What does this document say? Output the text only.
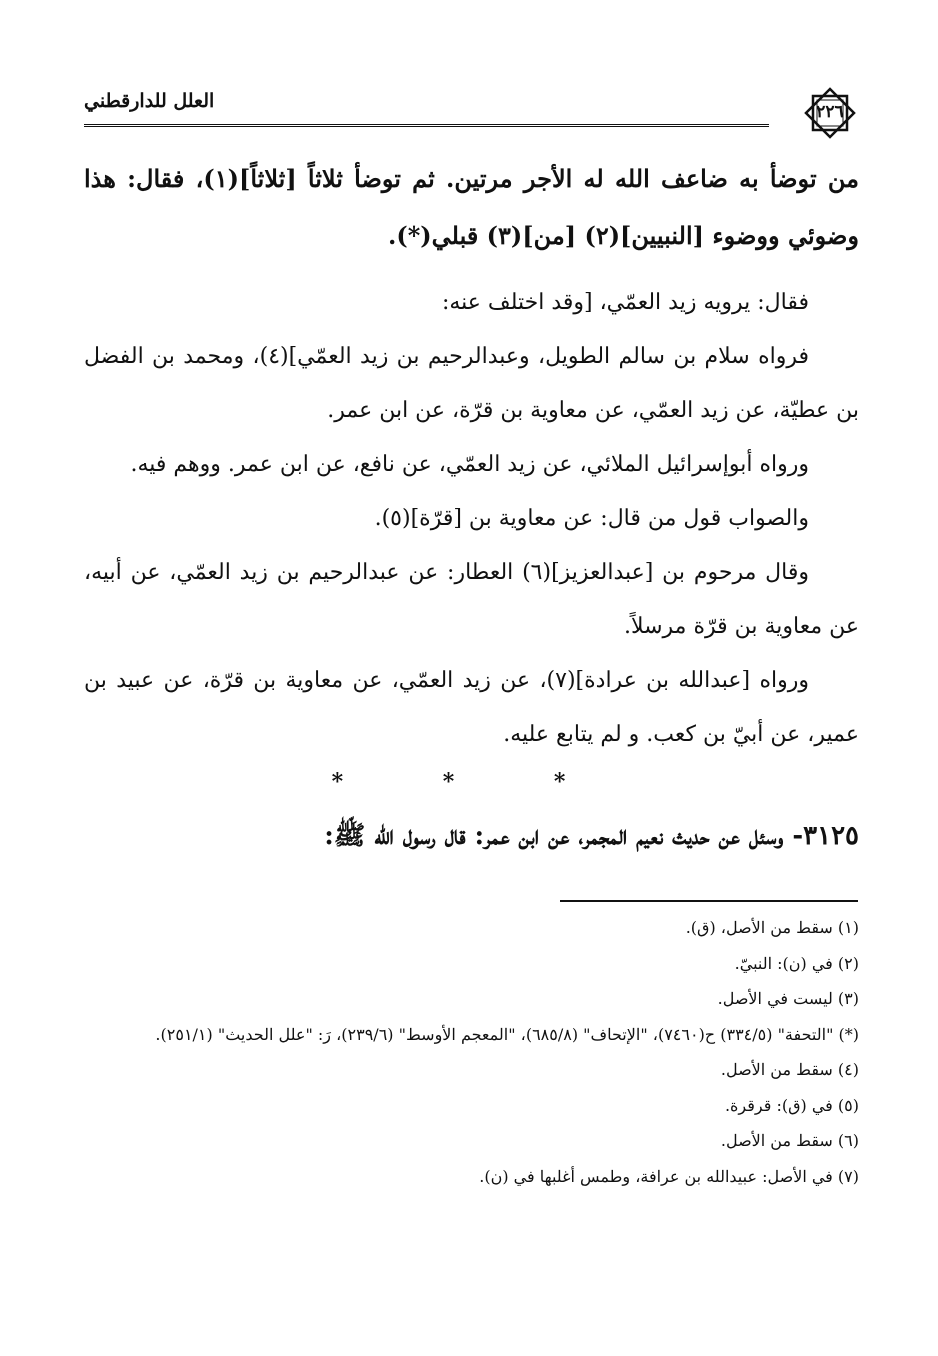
العلل للدارقطني	٢٢٦

من توضأ به ضاعف الله له الأجر مرتين. ثم توضأ ثلاثاً [ثلاثاً](١)، فقال: هذا وضوئي ووضوء [النبيين](٢) [من](٣) قبلي(*).

فقال: يرويه زيد العمّي، [وقد اختلف عنه:

فرواه سلام بن سالم الطويل، وعبدالرحيم بن زيد العمّي](٤)، ومحمد بن الفضل بن عطيّة، عن زيد العمّي، عن معاوية بن قرّة، عن ابن عمر.

ورواه أبوإسرائيل الملائي، عن زيد العمّي، عن نافع، عن ابن عمر. ووهم فيه.

والصواب قول من قال: عن معاوية بن [قرّة](٥).

وقال مرحوم بن [عبدالعزيز](٦) العطار: عن عبدالرحيم بن زيد العمّي، عن أبيه، عن معاوية بن قرّة مرسلاً.

ورواه [عبدالله بن عرادة](٧)، عن زيد العمّي، عن معاوية بن قرّة، عن عبيد بن عمير، عن أبيّ بن كعب. و لم يتابع عليه.

* * *
٣١٢٥- وسئل عن حديث نعيم المجمر، عن ابن عمر: قال رسول الله ﷺ:

(١) سقط من الأصل، (ق).

(٢) في (ن): النبيّ.

(٣) ليست في الأصل.

(*) "التحفة" (٣٣٤/٥) ح(٧٤٦٠)، "الإتحاف" (٦٨٥/٨)، "المعجم الأوسط" (٢٣٩/٦)، رَ: "علل الحديث" (٢٥١/١).

(٤) سقط من الأصل.

(٥) في (ق): قرقرة.

(٦) سقط من الأصل.

(٧) في الأصل: عبيدالله بن عرافة، وطمس أغلبها في (ن).
